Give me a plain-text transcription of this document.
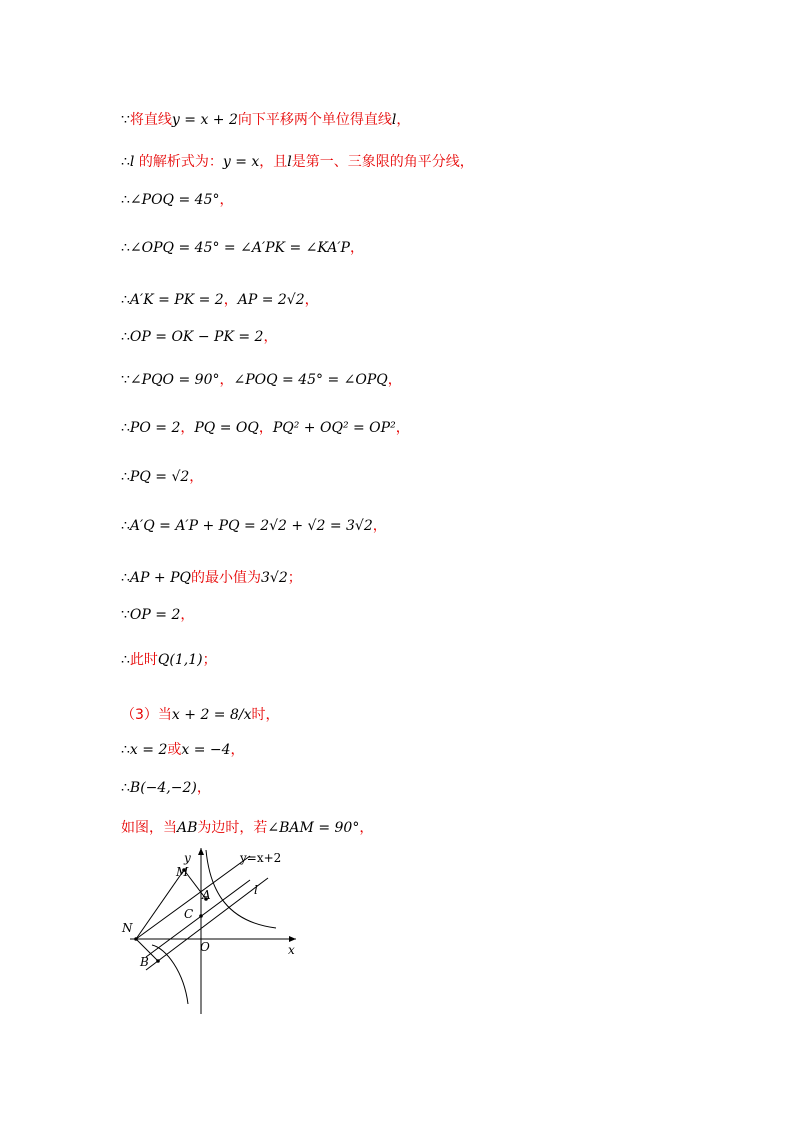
∵将直线y = x + 2向下平移两个单位得直线l，
∴l 的解析式为：y = x，且l是第一、三象限的角平分线，
∴∠POQ = 45°，
∴∠OPQ = 45° = ∠A′PK = ∠KA′P，
∴A′K = PK = 2，AP = 2√2，
∴OP = OK − PK = 2，
∵∠PQO = 90°，∠POQ = 45° = ∠OPQ，
∴PO = 2，PQ = OQ，PQ² + OQ² = OP²，
∴PQ = √2，
∴A′Q = A′P + PQ = 2√2 + √2 = 3√2，
∴AP + PQ的最小值为3√2；
∵OP = 2，
∴此时Q(1,1)；
（3）当x + 2 = 8/x时，
∴x = 2或x = −4，
∴B(−4,−2)，
如图，当AB为边时，若∠BAM = 90°，
y	y=x+2
l
M
A
C
N
O
B
x
